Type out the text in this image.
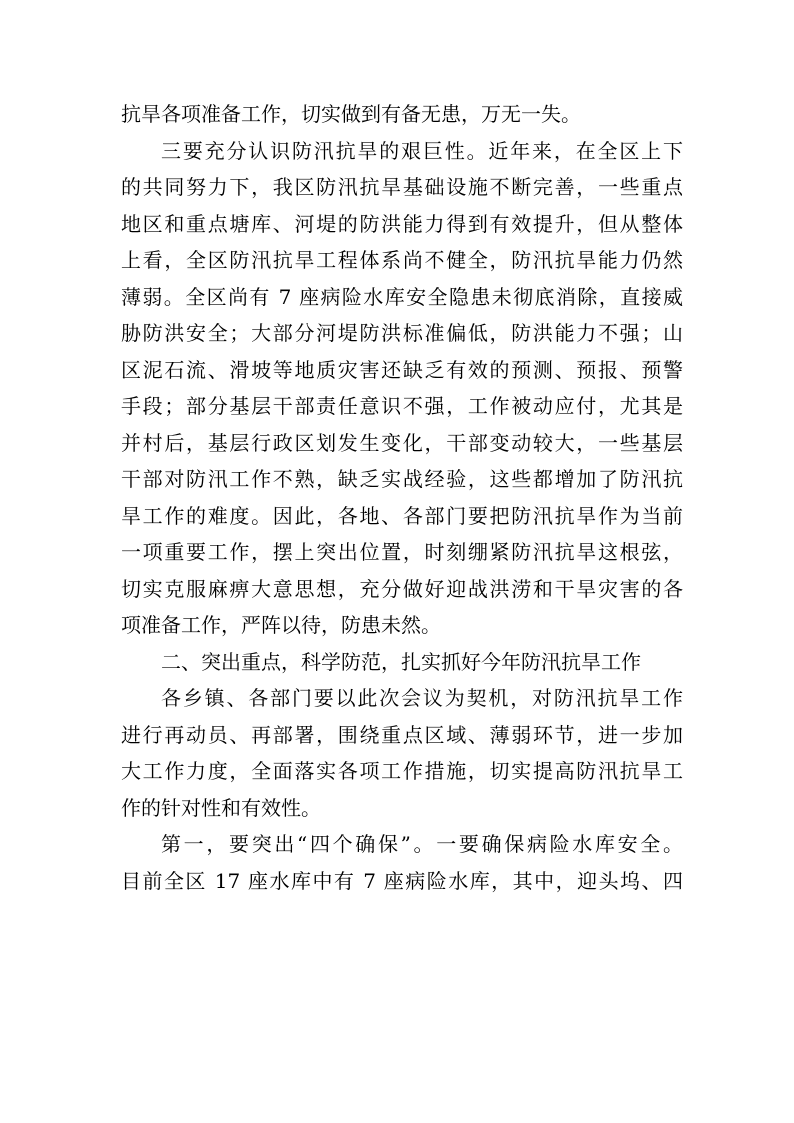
抗旱各项准备工作，切实做到有备无患，万无一失。
三要充分认识防汛抗旱的艰巨性。近年来，在全区上下
的共同努力下，我区防汛抗旱基础设施不断完善，一些重点
地区和重点塘库、河堤的防洪能力得到有效提升，但从整体
上看，全区防汛抗旱工程体系尚不健全，防汛抗旱能力仍然
薄弱。全区尚有 7 座病险水库安全隐患未彻底消除，直接威
胁防洪安全；大部分河堤防洪标准偏低，防洪能力不强；山
区泥石流、滑坡等地质灾害还缺乏有效的预测、预报、预警
手段；部分基层干部责任意识不强，工作被动应付，尤其是
并村后，基层行政区划发生变化，干部变动较大，一些基层
干部对防汛工作不熟，缺乏实战经验，这些都增加了防汛抗
旱工作的难度。因此，各地、各部门要把防汛抗旱作为当前
一项重要工作，摆上突出位置，时刻绷紧防汛抗旱这根弦，
切实克服麻痹大意思想，充分做好迎战洪涝和干旱灾害的各
项准备工作，严阵以待，防患未然。
二、突出重点，科学防范，扎实抓好今年防汛抗旱工作
各乡镇、各部门要以此次会议为契机，对防汛抗旱工作
进行再动员、再部署，围绕重点区域、薄弱环节，进一步加
大工作力度，全面落实各项工作措施，切实提高防汛抗旱工
作的针对性和有效性。
第一，要突出“四个确保”。一要确保病险水库安全。
目前全区 17 座水库中有 7 座病险水库，其中，迎头坞、四
